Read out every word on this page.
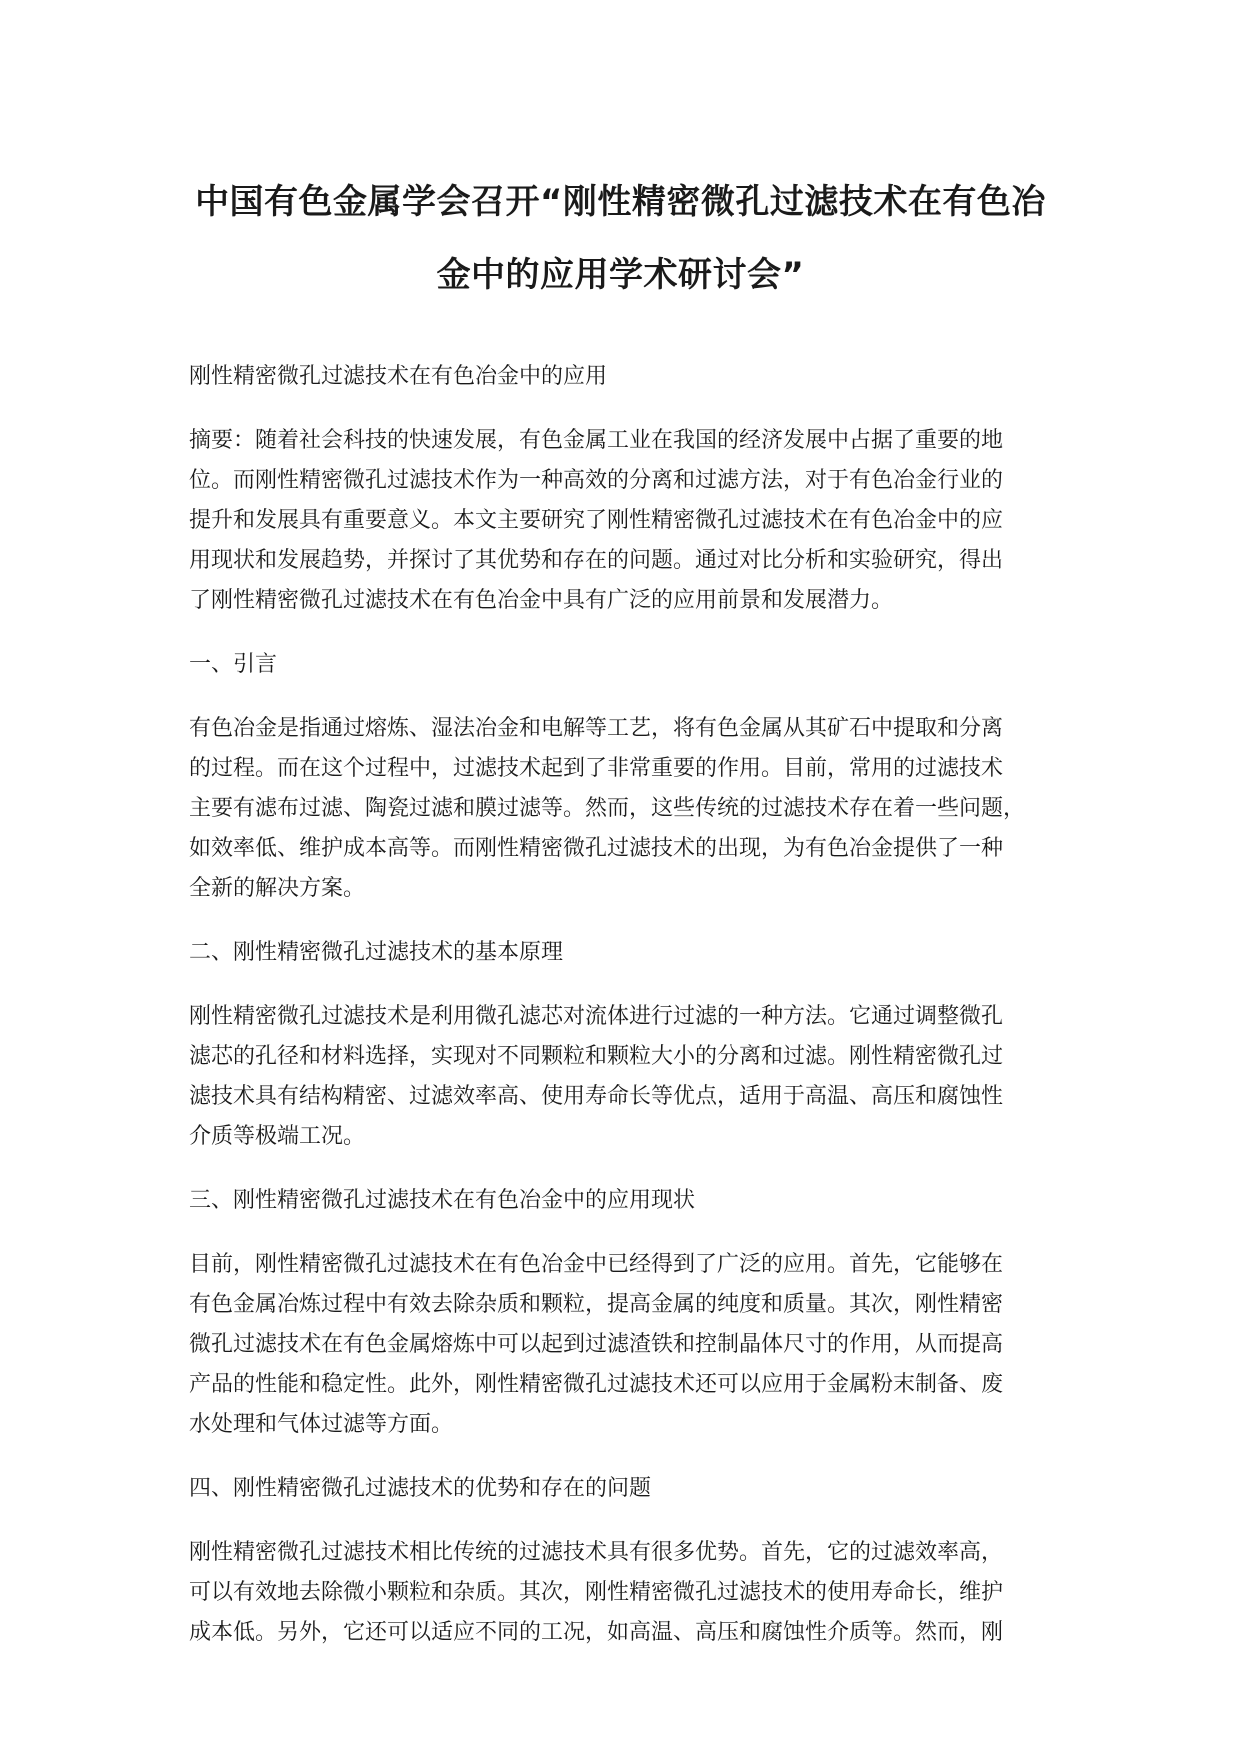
中国有色金属学会召开“刚性精密微孔过滤技术在有色冶
金中的应用学术研讨会”

刚性精密微孔过滤技术在有色冶金中的应用

摘要：随着社会科技的快速发展，有色金属工业在我国的经济发展中占据了重要的地

位。而刚性精密微孔过滤技术作为一种高效的分离和过滤方法，对于有色冶金行业的

提升和发展具有重要意义。本文主要研究了刚性精密微孔过滤技术在有色冶金中的应

用现状和发展趋势，并探讨了其优势和存在的问题。通过对比分析和实验研究，得出

了刚性精密微孔过滤技术在有色冶金中具有广泛的应用前景和发展潜力。

一、引言

有色冶金是指通过熔炼、湿法冶金和电解等工艺，将有色金属从其矿石中提取和分离

的过程。而在这个过程中，过滤技术起到了非常重要的作用。目前，常用的过滤技术

主要有滤布过滤、陶瓷过滤和膜过滤等。然而，这些传统的过滤技术存在着一些问题，

如效率低、维护成本高等。而刚性精密微孔过滤技术的出现，为有色冶金提供了一种

全新的解决方案。

二、刚性精密微孔过滤技术的基本原理

刚性精密微孔过滤技术是利用微孔滤芯对流体进行过滤的一种方法。它通过调整微孔

滤芯的孔径和材料选择，实现对不同颗粒和颗粒大小的分离和过滤。刚性精密微孔过

滤技术具有结构精密、过滤效率高、使用寿命长等优点，适用于高温、高压和腐蚀性

介质等极端工况。

三、刚性精密微孔过滤技术在有色冶金中的应用现状

目前，刚性精密微孔过滤技术在有色冶金中已经得到了广泛的应用。首先，它能够在

有色金属冶炼过程中有效去除杂质和颗粒，提高金属的纯度和质量。其次，刚性精密

微孔过滤技术在有色金属熔炼中可以起到过滤渣铁和控制晶体尺寸的作用，从而提高

产品的性能和稳定性。此外，刚性精密微孔过滤技术还可以应用于金属粉末制备、废

水处理和气体过滤等方面。

四、刚性精密微孔过滤技术的优势和存在的问题

刚性精密微孔过滤技术相比传统的过滤技术具有很多优势。首先，它的过滤效率高，

可以有效地去除微小颗粒和杂质。其次，刚性精密微孔过滤技术的使用寿命长，维护

成本低。另外，它还可以适应不同的工况，如高温、高压和腐蚀性介质等。然而，刚
